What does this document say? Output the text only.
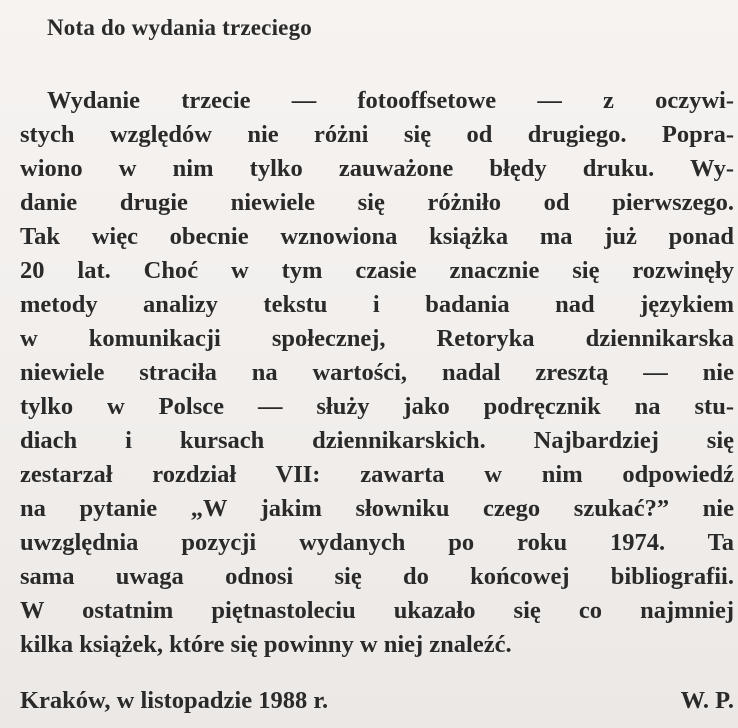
Nota do wydania trzeciego
Wydanie trzecie — fotooffsetowe — z oczywi-
stych względów nie różni się od drugiego. Popra-
wiono w nim tylko zauważone błędy druku. Wy-
danie drugie niewiele się różniło od pierwszego.
Tak więc obecnie wznowiona książka ma już ponad
20 lat. Choć w tym czasie znacznie się rozwinęły
metody analizy tekstu i badania nad językiem
w komunikacji społecznej, Retoryka dziennikarska
niewiele straciła na wartości, nadal zresztą — nie
tylko w Polsce — służy jako podręcznik na stu-
diach i kursach dziennikarskich. Najbardziej się
zestarzał rozdział VII: zawarta w nim odpowiedź
na pytanie „W jakim słowniku czego szukać?” nie
uwzględnia pozycji wydanych po roku 1974. Ta
sama uwaga odnosi się do końcowej bibliografii.
W ostatnim piętnastoleciu ukazało się co najmniej
kilka książek, które się powinny w niej znaleźć.
Kraków, w listopadzie 1988 r.	W. P.
